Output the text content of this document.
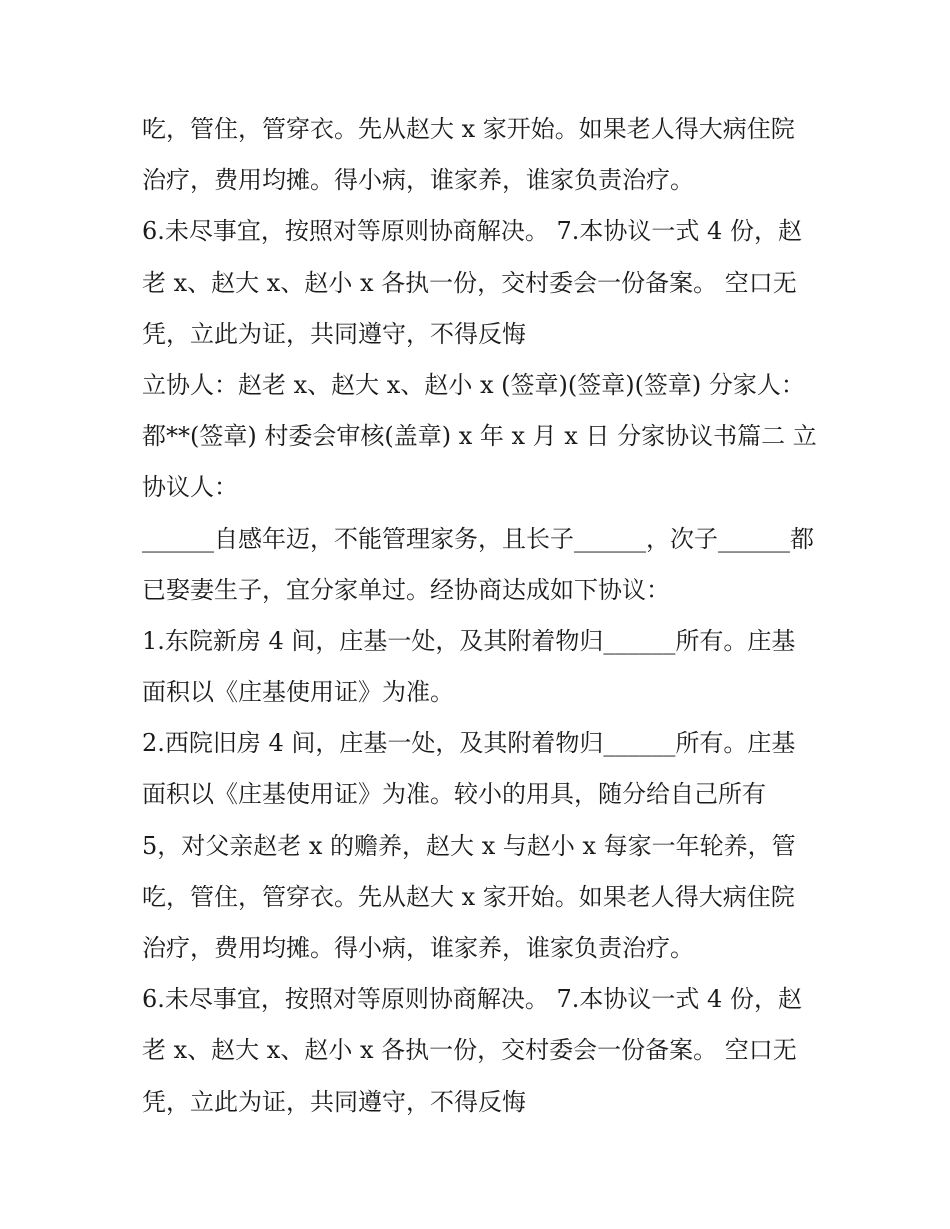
吃，管住，管穿衣。先从赵大 x 家开始。如果老人得大病住院
治疗，费用均摊。得小病，谁家养，谁家负责治疗。
6.未尽事宜，按照对等原则协商解决。 7.本协议一式 4 份，赵
老 x、赵大 x、赵小 x 各执一份，交村委会一份备案。 空口无
凭，立此为证，共同遵守，不得反悔
立协人：赵老 x、赵大 x、赵小 x (签章)(签章)(签章) 分家人：
都**(签章) 村委会审核(盖章) x 年 x 月 x 日 分家协议书篇二 立
协议人：
______自感年迈，不能管理家务，且长子______，次子______都
已娶妻生子，宜分家单过。经协商达成如下协议：
1.东院新房 4 间，庄基一处，及其附着物归______所有。庄基
面积以《庄基使用证》为准。
2.西院旧房 4 间，庄基一处，及其附着物归______所有。庄基
面积以《庄基使用证》为准。较小的用具，随分给自己所有
5，对父亲赵老 x 的赡养，赵大 x 与赵小 x 每家一年轮养，管
吃，管住，管穿衣。先从赵大 x 家开始。如果老人得大病住院
治疗，费用均摊。得小病，谁家养，谁家负责治疗。
6.未尽事宜，按照对等原则协商解决。 7.本协议一式 4 份，赵
老 x、赵大 x、赵小 x 各执一份，交村委会一份备案。 空口无
凭，立此为证，共同遵守，不得反悔
